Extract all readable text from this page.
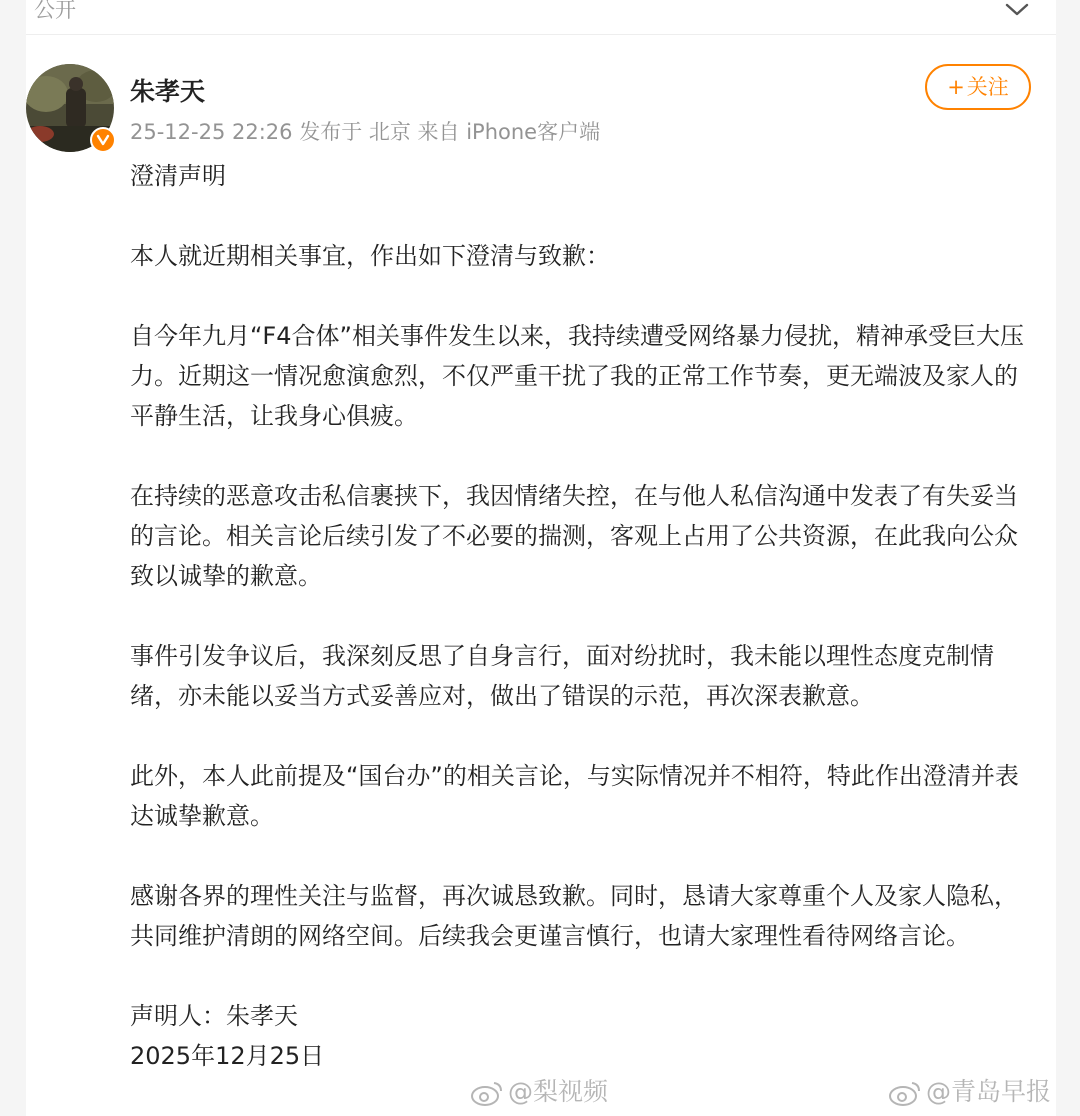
公开
朱孝天
25-12-25 22:26 发布于 北京 来自 iPhone客户端
+关注

澄清声明

本人就近期相关事宜，作出如下澄清与致歉：

自今年九月“F4合体”相关事件发生以来，我持续遭受网络暴力侵扰，精神承受巨大压力。近期这一情况愈演愈烈，不仅严重干扰了我的正常工作节奏，更无端波及家人的平静生活，让我身心俱疲。

在持续的恶意攻击私信裹挟下，我因情绪失控，在与他人私信沟通中发表了有失妥当的言论。相关言论后续引发了不必要的揣测，客观上占用了公共资源，在此我向公众致以诚挚的歉意。

事件引发争议后，我深刻反思了自身言行，面对纷扰时，我未能以理性态度克制情绪，亦未能以妥当方式妥善应对，做出了错误的示范，再次深表歉意。

此外，本人此前提及“国台办”的相关言论，与实际情况并不相符，特此作出澄清并表达诚挚歉意。

感谢各界的理性关注与监督，再次诚恳致歉。同时，恳请大家尊重个人及家人隐私，共同维护清朗的网络空间。后续我会更谨言慎行，也请大家理性看待网络言论。

声明人：朱孝天
2025年12月25日

@梨视频	@青岛早报
